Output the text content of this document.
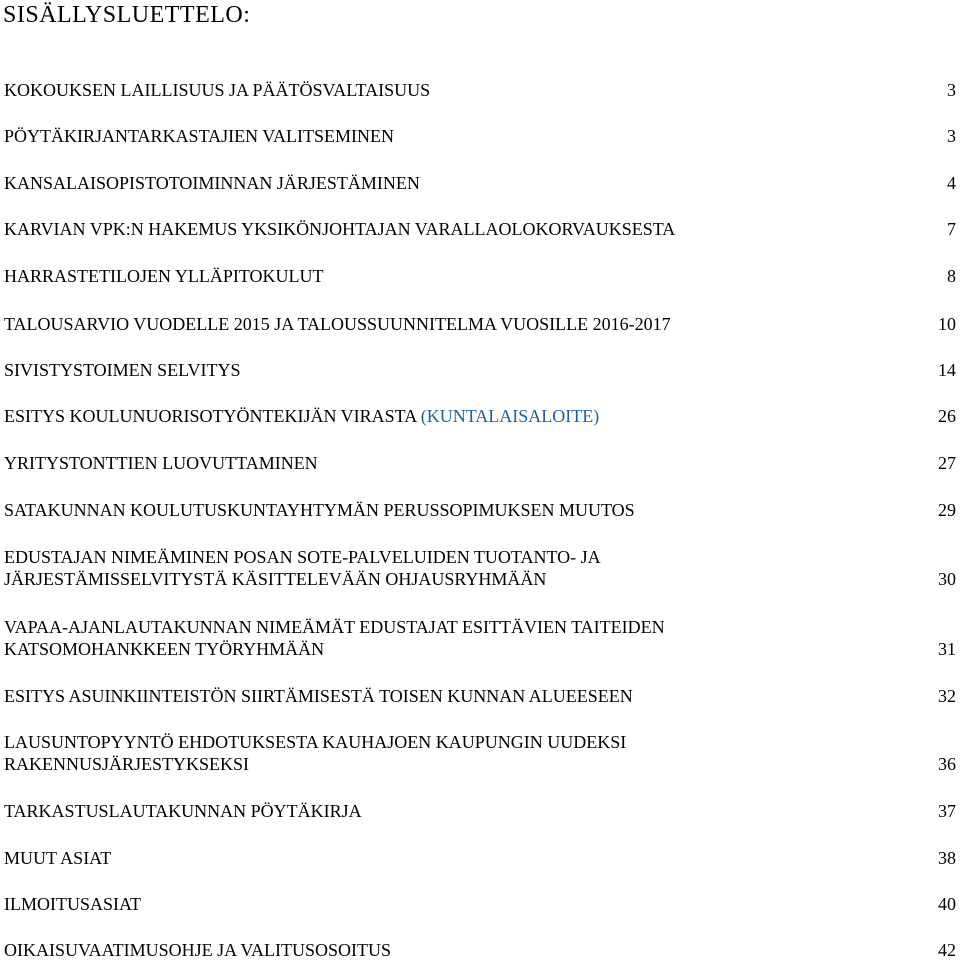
SISÄLLYSLUETTELO:
KOKOUKSEN LAILLISUUS JA PÄÄTÖSVALTAISUUS	3
PÖYTÄKIRJANTARKASTAJIEN VALITSEMINEN	3
KANSALAISOPISTOTOIMINNAN JÄRJESTÄMINEN	4
KARVIAN VPK:N HAKEMUS YKSIKÖNJOHTAJAN VARALLAOLOKORVAUKSESTA	7
HARRASTETILOJEN YLLÄPITOKULUT	8
TALOUSARVIO VUODELLE 2015 JA TALOUSSUUNNITELMA VUOSILLE 2016-2017	10
SIVISTYSTOIMEN SELVITYS	14
ESITYS KOULUNUORISOTYÖNTEKIJÄN VIRASTA (KUNTALAISALOITE)	26
YRITYSTONTTIEN LUOVUTTAMINEN	27
SATAKUNNAN KOULUTUSKUNTAYHTYMÄN PERUSSOPIMUKSEN MUUTOS	29
EDUSTAJAN NIMEÄMINEN POSAN SOTE-PALVELUIDEN TUOTANTO- JA
JÄRJESTÄMISSELVITYSTÄ KÄSITTELEVÄÄN OHJAUSRYHMÄÄN	30
VAPAA-AJANLAUTAKUNNAN NIMEÄMÄT EDUSTAJAT ESITTÄVIEN TAITEIDEN
KATSOMOHANKKEEN TYÖRYHMÄÄN	31
ESITYS ASUINKIINTEISTÖN SIIRTÄMISESTÄ TOISEN KUNNAN ALUEESEEN	32
LAUSUNTOPYYNTÖ EHDOTUKSESTA KAUHAJOEN KAUPUNGIN UUDEKSI
RAKENNUSJÄRJESTYKSEKSI	36
TARKASTUSLAUTAKUNNAN PÖYTÄKIRJA	37
MUUT ASIAT	38
ILMOITUSASIAT	40
OIKAISUVAATIMUSOHJE JA VALITUSOSOITUS	42
